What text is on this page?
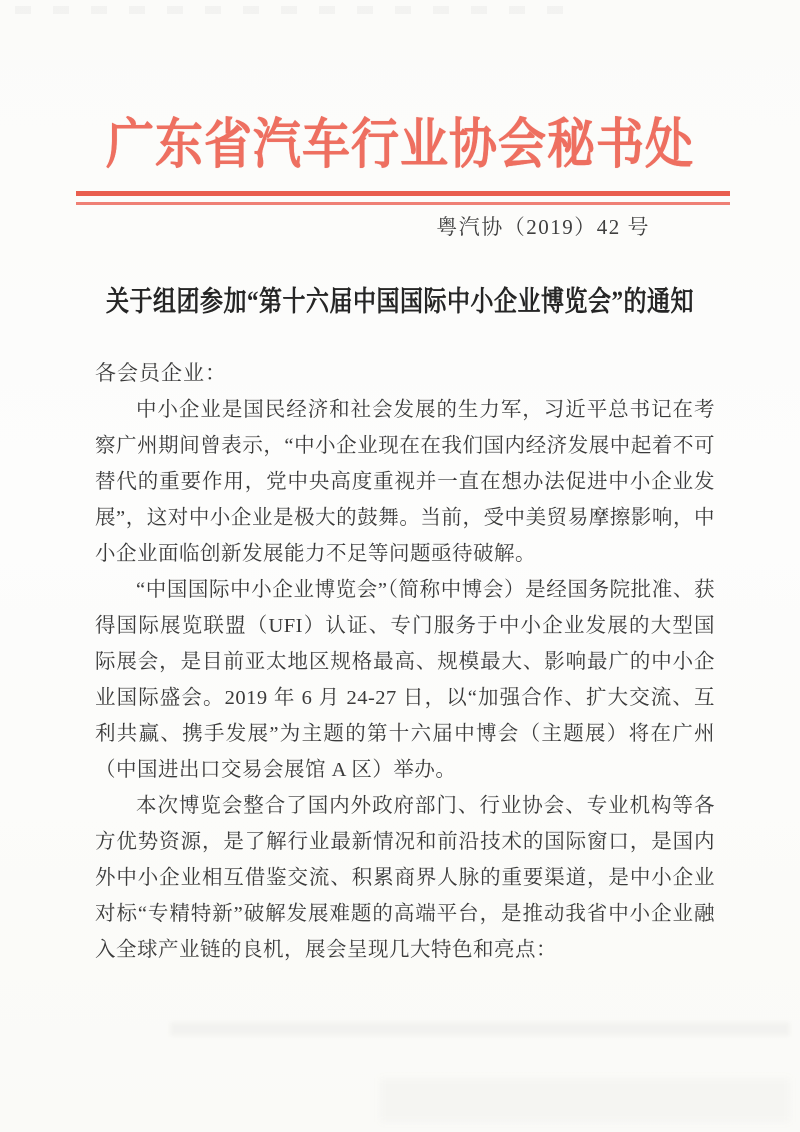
广东省汽车行业协会秘书处
粤汽协（2019）42 号
关于组团参加“第十六届中国国际中小企业博览会”的通知
各会员企业：

中小企业是国民经济和社会发展的生力军，习近平总书记在考察广州期间曾表示，“中小企业现在在我们国内经济发展中起着不可替代的重要作用，党中央高度重视并一直在想办法促进中小企业发展”，这对中小企业是极大的鼓舞。当前，受中美贸易摩擦影响，中小企业面临创新发展能力不足等问题亟待破解。

“中国国际中小企业博览会”（简称中博会）是经国务院批准、获得国际展览联盟（UFI）认证、专门服务于中小企业发展的大型国际展会，是目前亚太地区规格最高、规模最大、影响最广的中小企业国际盛会。2019 年 6 月 24-27 日，以“加强合作、扩大交流、互利共赢、携手发展”为主题的第十六届中博会（主题展）将在广州（中国进出口交易会展馆 A 区）举办。

本次博览会整合了国内外政府部门、行业协会、专业机构等各方优势资源，是了解行业最新情况和前沿技术的国际窗口，是国内外中小企业相互借鉴交流、积累商界人脉的重要渠道，是中小企业对标“专精特新”破解发展难题的高端平台，是推动我省中小企业融入全球产业链的良机，展会呈现几大特色和亮点：
